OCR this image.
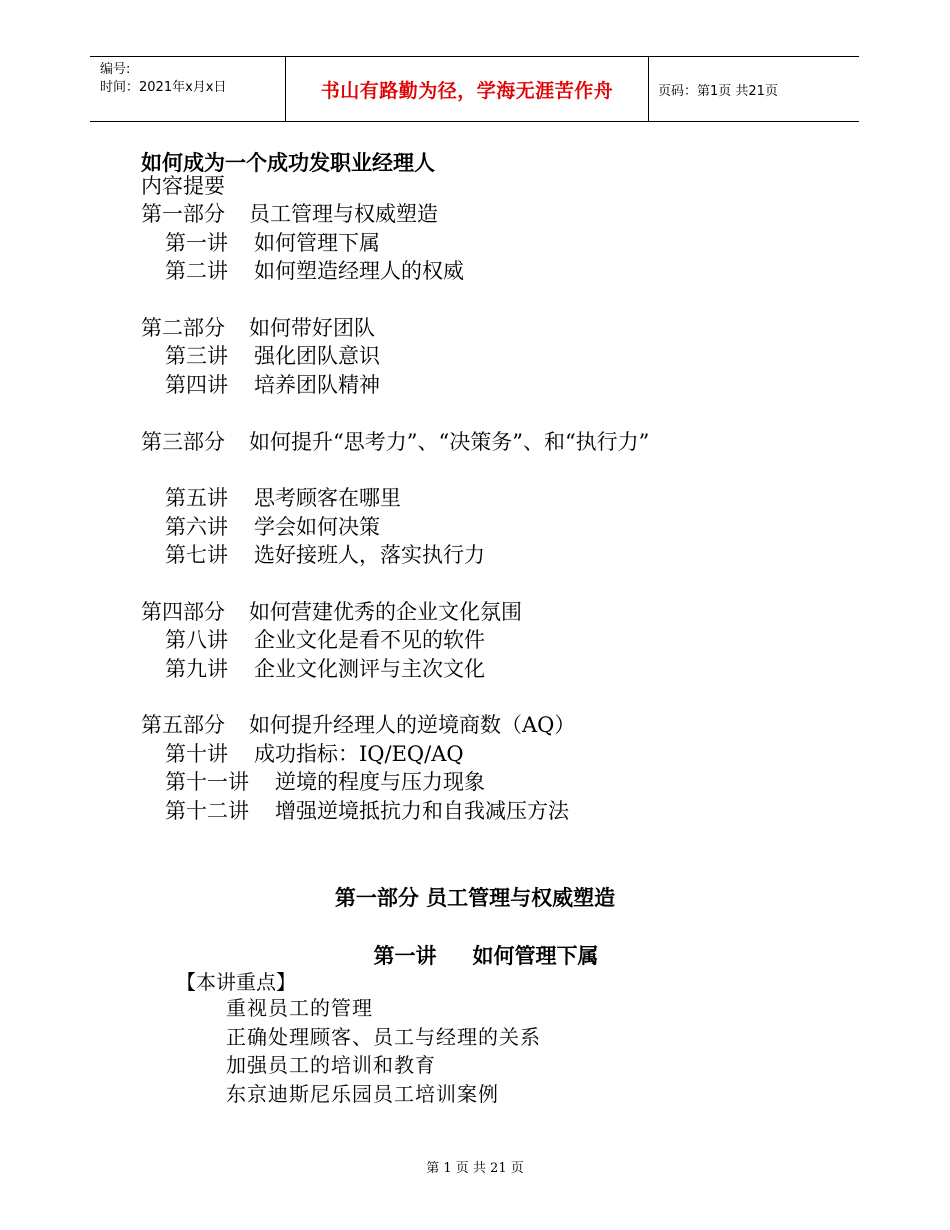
编号:
时间：2021年x月x日	书山有路勤为径，学海无涯苦作舟	页码：第1页 共21页
如何成为一个成功发职业经理人
内容提要
第一部分 员工管理与权威塑造
第一讲 如何管理下属
第二讲 如何塑造经理人的权威
第二部分 如何带好团队
第三讲 强化团队意识
第四讲 培养团队精神
第三部分 如何提升“思考力”、“决策务”、和“执行力”
第五讲 思考顾客在哪里
第六讲 学会如何决策
第七讲 选好接班人，落实执行力
第四部分 如何营建优秀的企业文化氛围
第八讲 企业文化是看不见的软件
第九讲 企业文化测评与主次文化
第五部分 如何提升经理人的逆境商数（AQ）
第十讲 成功指标：IQ/EQ/AQ
第十一讲 逆境的程度与压力现象
第十二讲 增强逆境抵抗力和自我减压方法
第一部分 员工管理与权威塑造
第一讲 如何管理下属
【本讲重点】
重视员工的管理
正确处理顾客、员工与经理的关系
加强员工的培训和教育
东京迪斯尼乐园员工培训案例
第 1 页 共 21 页
